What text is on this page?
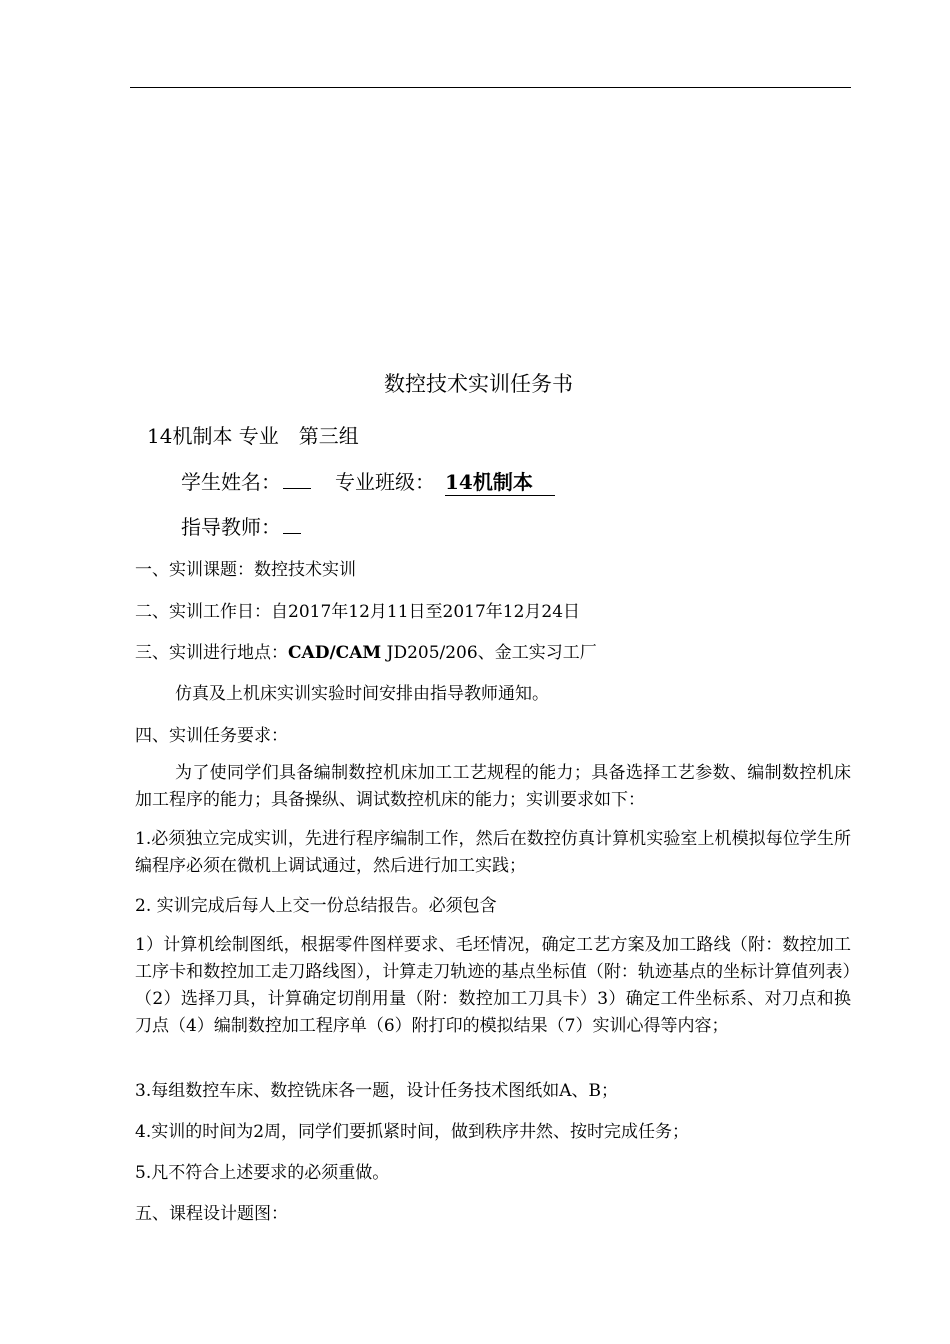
数控技术实训任务书
14机制本 专业　第三组
学生姓名：	专业班级： 14机制本
指导教师：
一、实训课题：数控技术实训
二、实训工作日：自2017年12月11日至2017年12月24日
三、实训进行地点：CAD/CAM JD205/206、金工实习工厂
仿真及上机床实训实验时间安排由指导教师通知。
四、实训任务要求：
为了使同学们具备编制数控机床加工工艺规程的能力；具备选择工艺参数、编制数控机床加工程序的能力；具备操纵、调试数控机床的能力；实训要求如下：
1.必须独立完成实训，先进行程序编制工作，然后在数控仿真计算机实验室上机模拟每位学生所编程序必须在微机上调试通过，然后进行加工实践；
2. 实训完成后每人上交一份总结报告。必须包含
1）计算机绘制图纸，根据零件图样要求、毛坯情况，确定工艺方案及加工路线（附：数控加工工序卡和数控加工走刀路线图），计算走刀轨迹的基点坐标值（附：轨迹基点的坐标计算值列表）（2）选择刀具，计算确定切削用量（附：数控加工刀具卡）3）确定工件坐标系、对刀点和换刀点（4）编制数控加工程序单（6）附打印的模拟结果（7）实训心得等内容；
3.每组数控车床、数控铣床各一题，设计任务技术图纸如A、B；
4.实训的时间为2周，同学们要抓紧时间，做到秩序井然、按时完成任务；
5.凡不符合上述要求的必须重做。
五、课程设计题图：
